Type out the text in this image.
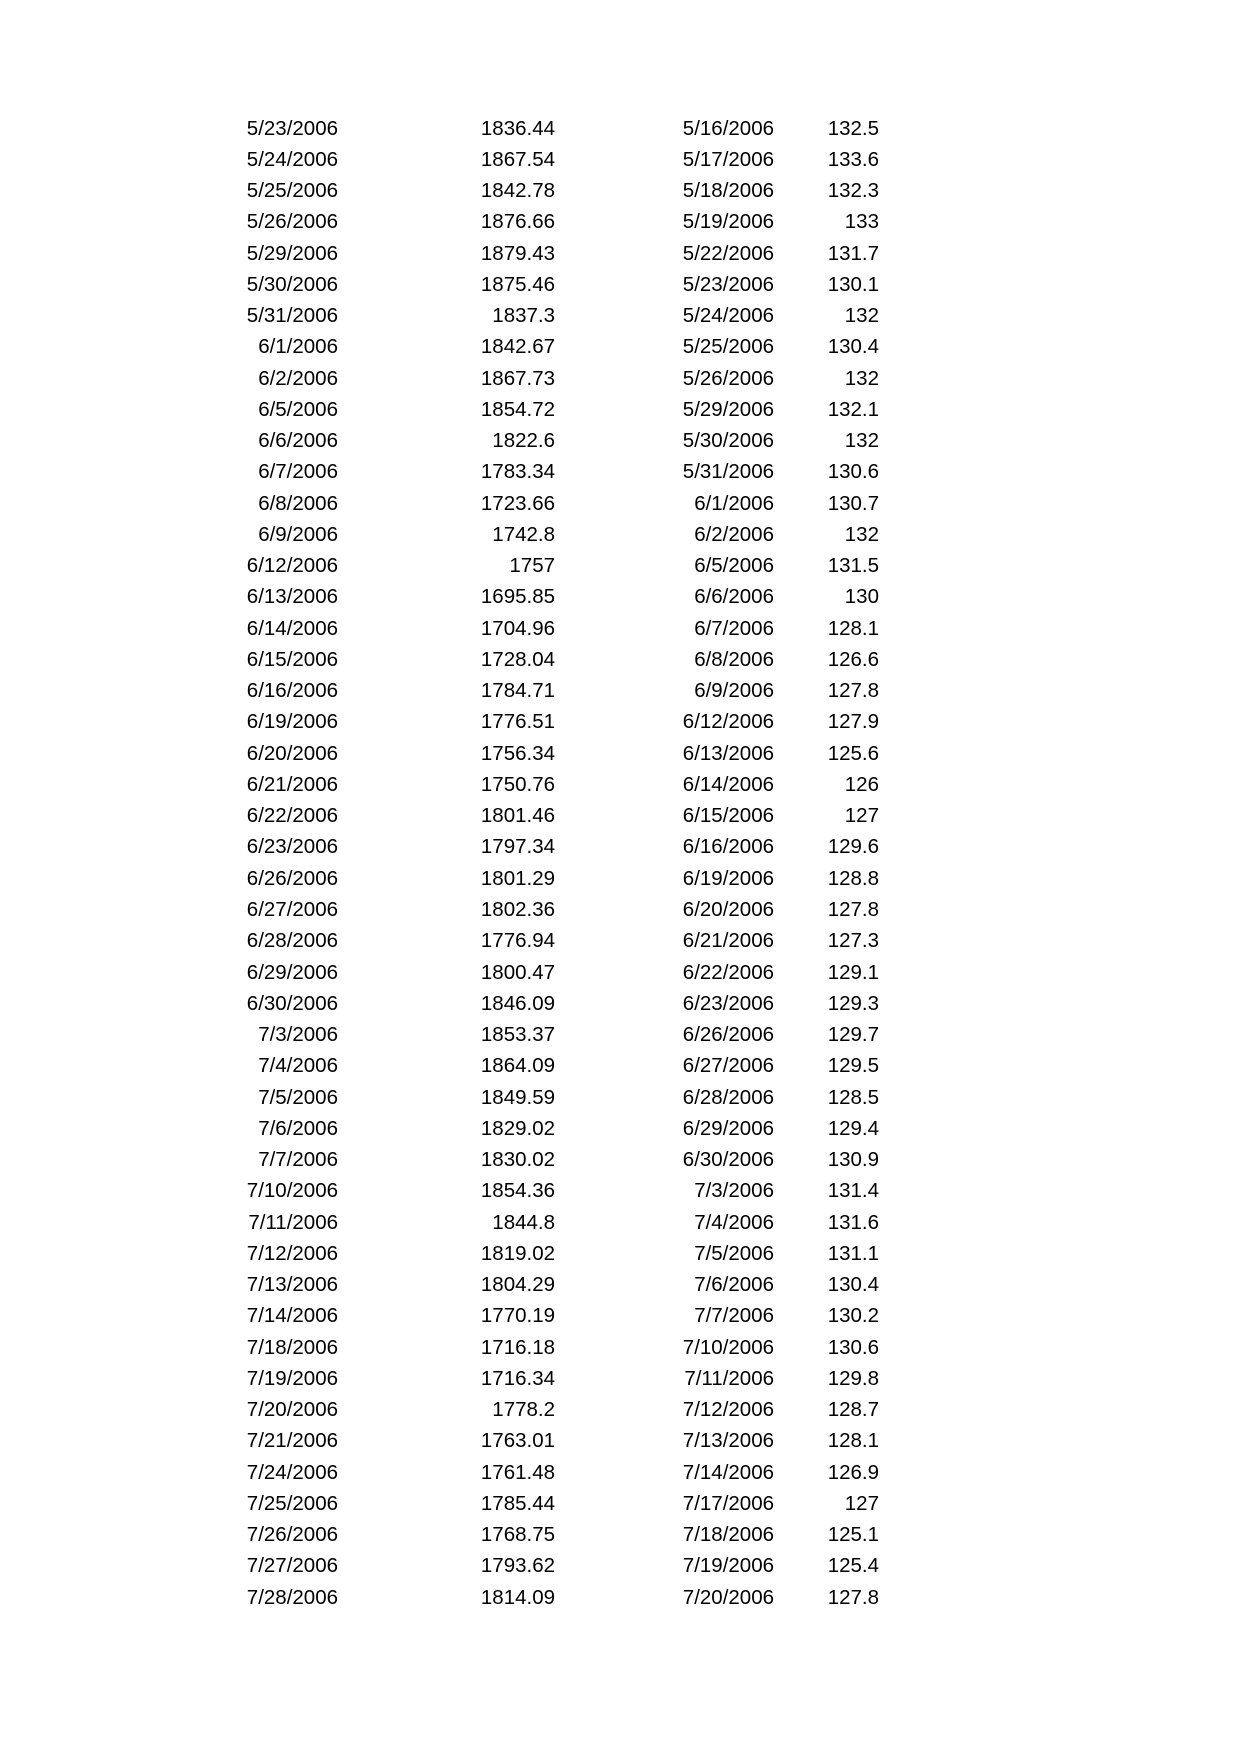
5/23/2006	1836.44	5/16/2006	132.5
5/24/2006	1867.54	5/17/2006	133.6
5/25/2006	1842.78	5/18/2006	132.3
5/26/2006	1876.66	5/19/2006	133
5/29/2006	1879.43	5/22/2006	131.7
5/30/2006	1875.46	5/23/2006	130.1
5/31/2006	1837.3	5/24/2006	132
6/1/2006	1842.67	5/25/2006	130.4
6/2/2006	1867.73	5/26/2006	132
6/5/2006	1854.72	5/29/2006	132.1
6/6/2006	1822.6	5/30/2006	132
6/7/2006	1783.34	5/31/2006	130.6
6/8/2006	1723.66	6/1/2006	130.7
6/9/2006	1742.8	6/2/2006	132
6/12/2006	1757	6/5/2006	131.5
6/13/2006	1695.85	6/6/2006	130
6/14/2006	1704.96	6/7/2006	128.1
6/15/2006	1728.04	6/8/2006	126.6
6/16/2006	1784.71	6/9/2006	127.8
6/19/2006	1776.51	6/12/2006	127.9
6/20/2006	1756.34	6/13/2006	125.6
6/21/2006	1750.76	6/14/2006	126
6/22/2006	1801.46	6/15/2006	127
6/23/2006	1797.34	6/16/2006	129.6
6/26/2006	1801.29	6/19/2006	128.8
6/27/2006	1802.36	6/20/2006	127.8
6/28/2006	1776.94	6/21/2006	127.3
6/29/2006	1800.47	6/22/2006	129.1
6/30/2006	1846.09	6/23/2006	129.3
7/3/2006	1853.37	6/26/2006	129.7
7/4/2006	1864.09	6/27/2006	129.5
7/5/2006	1849.59	6/28/2006	128.5
7/6/2006	1829.02	6/29/2006	129.4
7/7/2006	1830.02	6/30/2006	130.9
7/10/2006	1854.36	7/3/2006	131.4
7/11/2006	1844.8	7/4/2006	131.6
7/12/2006	1819.02	7/5/2006	131.1
7/13/2006	1804.29	7/6/2006	130.4
7/14/2006	1770.19	7/7/2006	130.2
7/18/2006	1716.18	7/10/2006	130.6
7/19/2006	1716.34	7/11/2006	129.8
7/20/2006	1778.2	7/12/2006	128.7
7/21/2006	1763.01	7/13/2006	128.1
7/24/2006	1761.48	7/14/2006	126.9
7/25/2006	1785.44	7/17/2006	127
7/26/2006	1768.75	7/18/2006	125.1
7/27/2006	1793.62	7/19/2006	125.4
7/28/2006	1814.09	7/20/2006	127.8
